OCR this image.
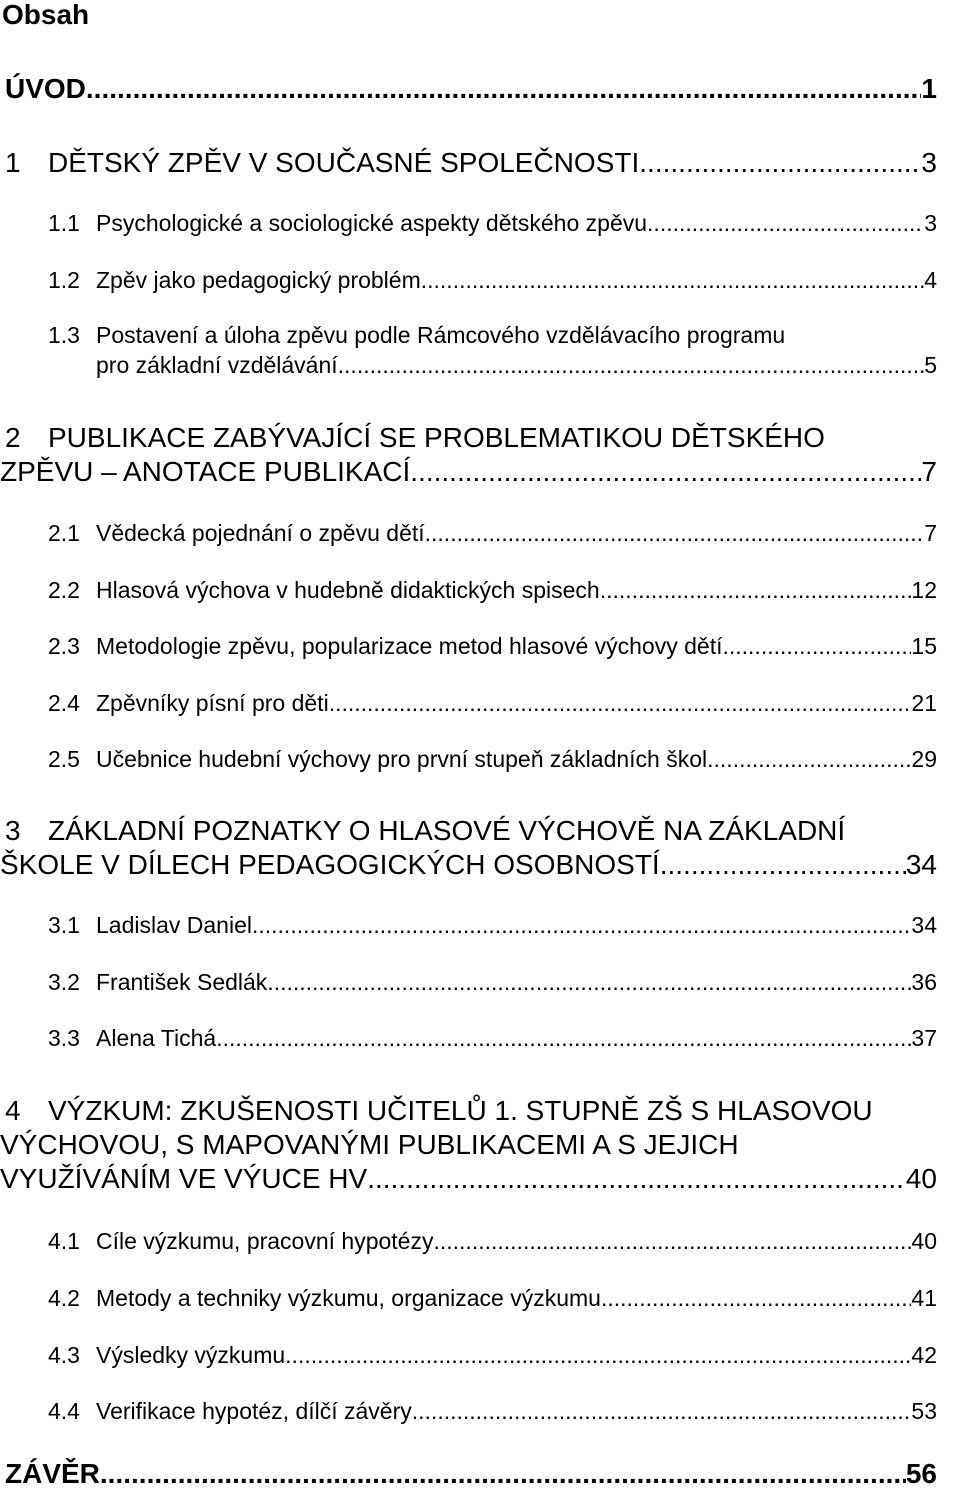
Obsah
ÚVOD .....	1
1 DĚTSKÝ ZPĚV V SOUČASNÉ SPOLEČNOSTI .....	3
1.1 Psychologické a sociologické aspekty dětského zpěvu .....	3
1.2 Zpěv jako pedagogický problém .....	4
1.3 Postavení a úloha zpěvu podle Rámcového vzdělávacího programu
pro základní vzdělávání .....	5
2 PUBLIKACE ZABÝVAJÍCÍ SE PROBLEMATIKOU DĚTSKÉHO
ZPĚVU – ANOTACE PUBLIKACÍ .....	7
2.1 Vědecká pojednání o zpěvu dětí .....	7
2.2 Hlasová výchova v hudebně didaktických spisech .....	12
2.3 Metodologie zpěvu, popularizace metod hlasové výchovy dětí .....	15
2.4 Zpěvníky písní pro děti .....	21
2.5 Učebnice hudební výchovy pro první stupeň základních škol .....	29
3 ZÁKLADNÍ POZNATKY O HLASOVÉ VÝCHOVĚ NA ZÁKLADNÍ
ŠKOLE V DÍLECH PEDAGOGICKÝCH OSOBNOSTÍ .....	34
3.1 Ladislav Daniel .....	34
3.2 František Sedlák .....	36
3.3 Alena Tichá .....	37
4 VÝZKUM: ZKUŠENOSTI UČITELŮ 1. STUPNĚ ZŠ S HLASOVOU
VÝCHOVOU, S MAPOVANÝMI PUBLIKACEMI A S JEJICH
VYUŽÍVÁNÍM VE VÝUCE HV .....	40
4.1 Cíle výzkumu, pracovní hypotézy .....	40
4.2 Metody a techniky výzkumu, organizace výzkumu .....	41
4.3 Výsledky výzkumu .....	42
4.4 Verifikace hypotéz, dílčí závěry .....	53
ZÁVĚR .....	56
